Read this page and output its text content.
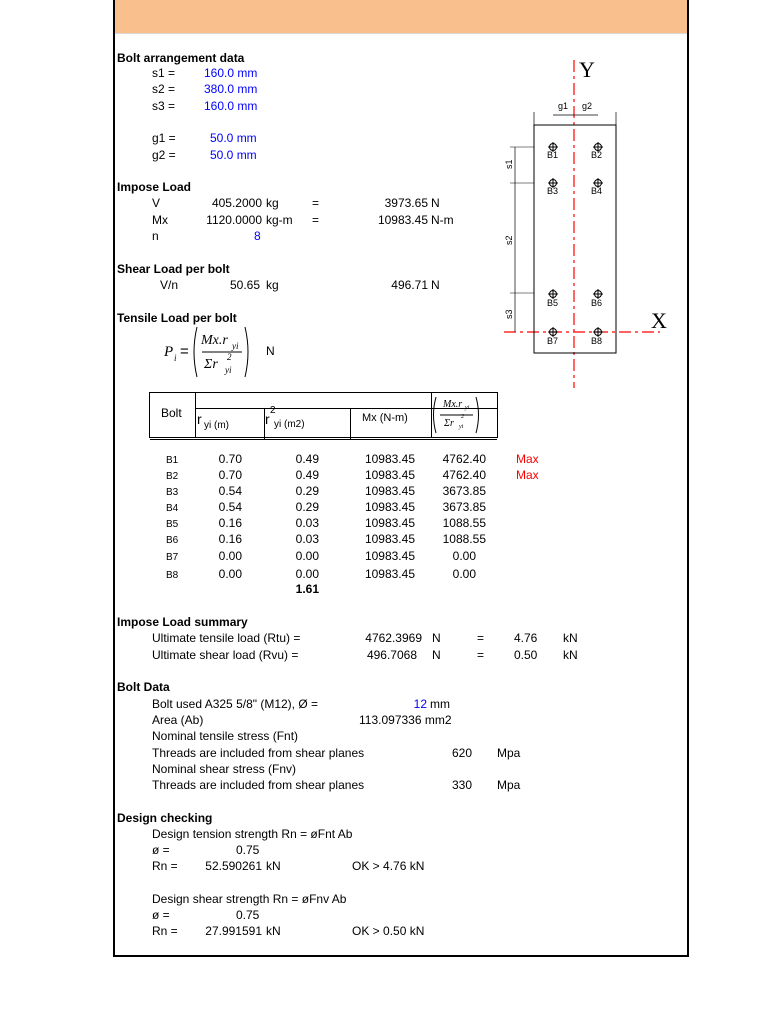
Bolt arrangement data
s1 = 160.0 mm
s2 = 380.0 mm
s3 = 160.0 mm
g1 =	50.0 mm
g2 =	50.0 mm
Impose Load
V	405.2000 kg	=	3973.65 N
Mx	1120.0000 kg-m =	10983.45 N-m
n	8
Shear Load per bolt
V/n	50.65 kg	496.71 N
Tensile Load per bolt
P i =
Mx.r yi
Σr yi
2	N
Bolt r yi (m)	r
2
yi (m2)
Mx (N-m)
Mx.r yi
Σr yi
2
B1	0.70	0.49	10983.45	4762.40	Max
B2	0.70	0.49	10983.45	4762.40	Max
B3	0.54	0.29	10983.45	3673.85
B4	0.54	0.29	10983.45	3673.85
B5	0.16	0.03	10983.45	1088.55
B6	0.16	0.03	10983.45	1088.55
B7	0.00	0.00	10983.45	0.00
B8	0.00	0.00	10983.45	0.00
1.61
Impose Load summary
Ultimate tensile load (Rtu) =	4762.3969 N	= 4.76 kN
Ultimate shear load (Rvu) =	496.7068 N	= 0.50 kN
Bolt Data
Bolt used A325 5/8" (M12), Ø =	12 mm
Area (Ab)	113.097336 mm2
Nominal tensile stress (Fnt)
Threads are included from shear planes	620 Mpa
Nominal shear stress (Fnv)
Threads are included from shear planes	330 Mpa
Design checking
Design tension strength Rn = øFnt Ab
ø =	0.75
Rn =	52.590261 kN	OK > 4.76 kN
Design shear strength Rn = øFnv Ab
ø =	0.75
Rn =	27.991591 kN	OK > 0.50 kN
Y
X
g1 g2
s1
s2
s3
B1	B2
B3	B4
B5	B6
B7	B8
